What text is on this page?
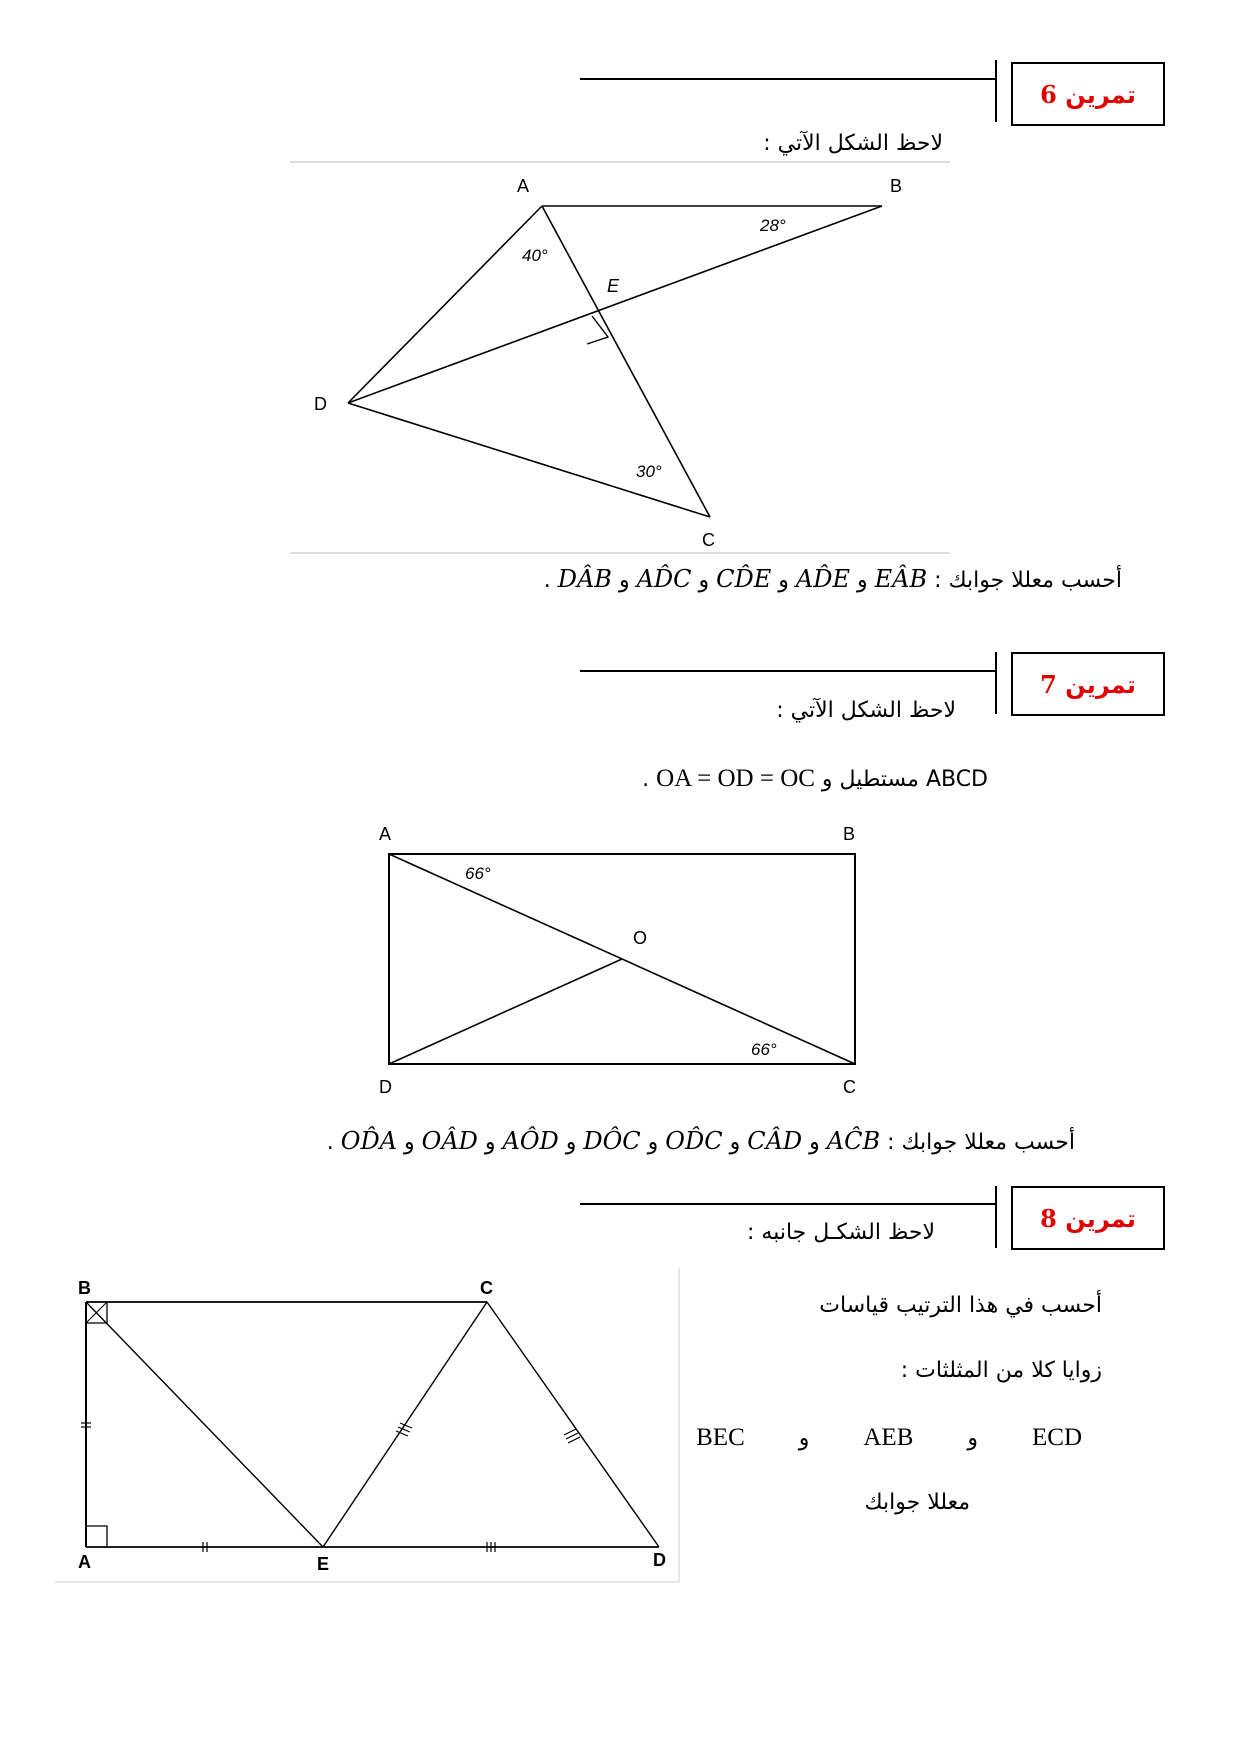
تمرين 6
لاحظ الشكل الآتي :
A	B
E
D
C
40°
28°
30°
أحسب معللا جوابك : EÂB و AD̂E و CD̂E و AD̂C و DÂB .
تمرين 7
لاحظ الشكل الآتي :
ABCD مستطيل و OA = OD = OC .
A	B
O
D	C
66°
66°
أحسب معللا جوابك : AĈB و CÂD و OD̂C و DÔC و AÔD و OÂD و OD̂A .
تمرين 8
لاحظ الشكـل جانبه :
B	C
A	E	D
أحسب في هذا الترتيب قياسات
زوايا كلا من المثلثات :
ECD  و  AEB  و  BEC
معللا جوابك
